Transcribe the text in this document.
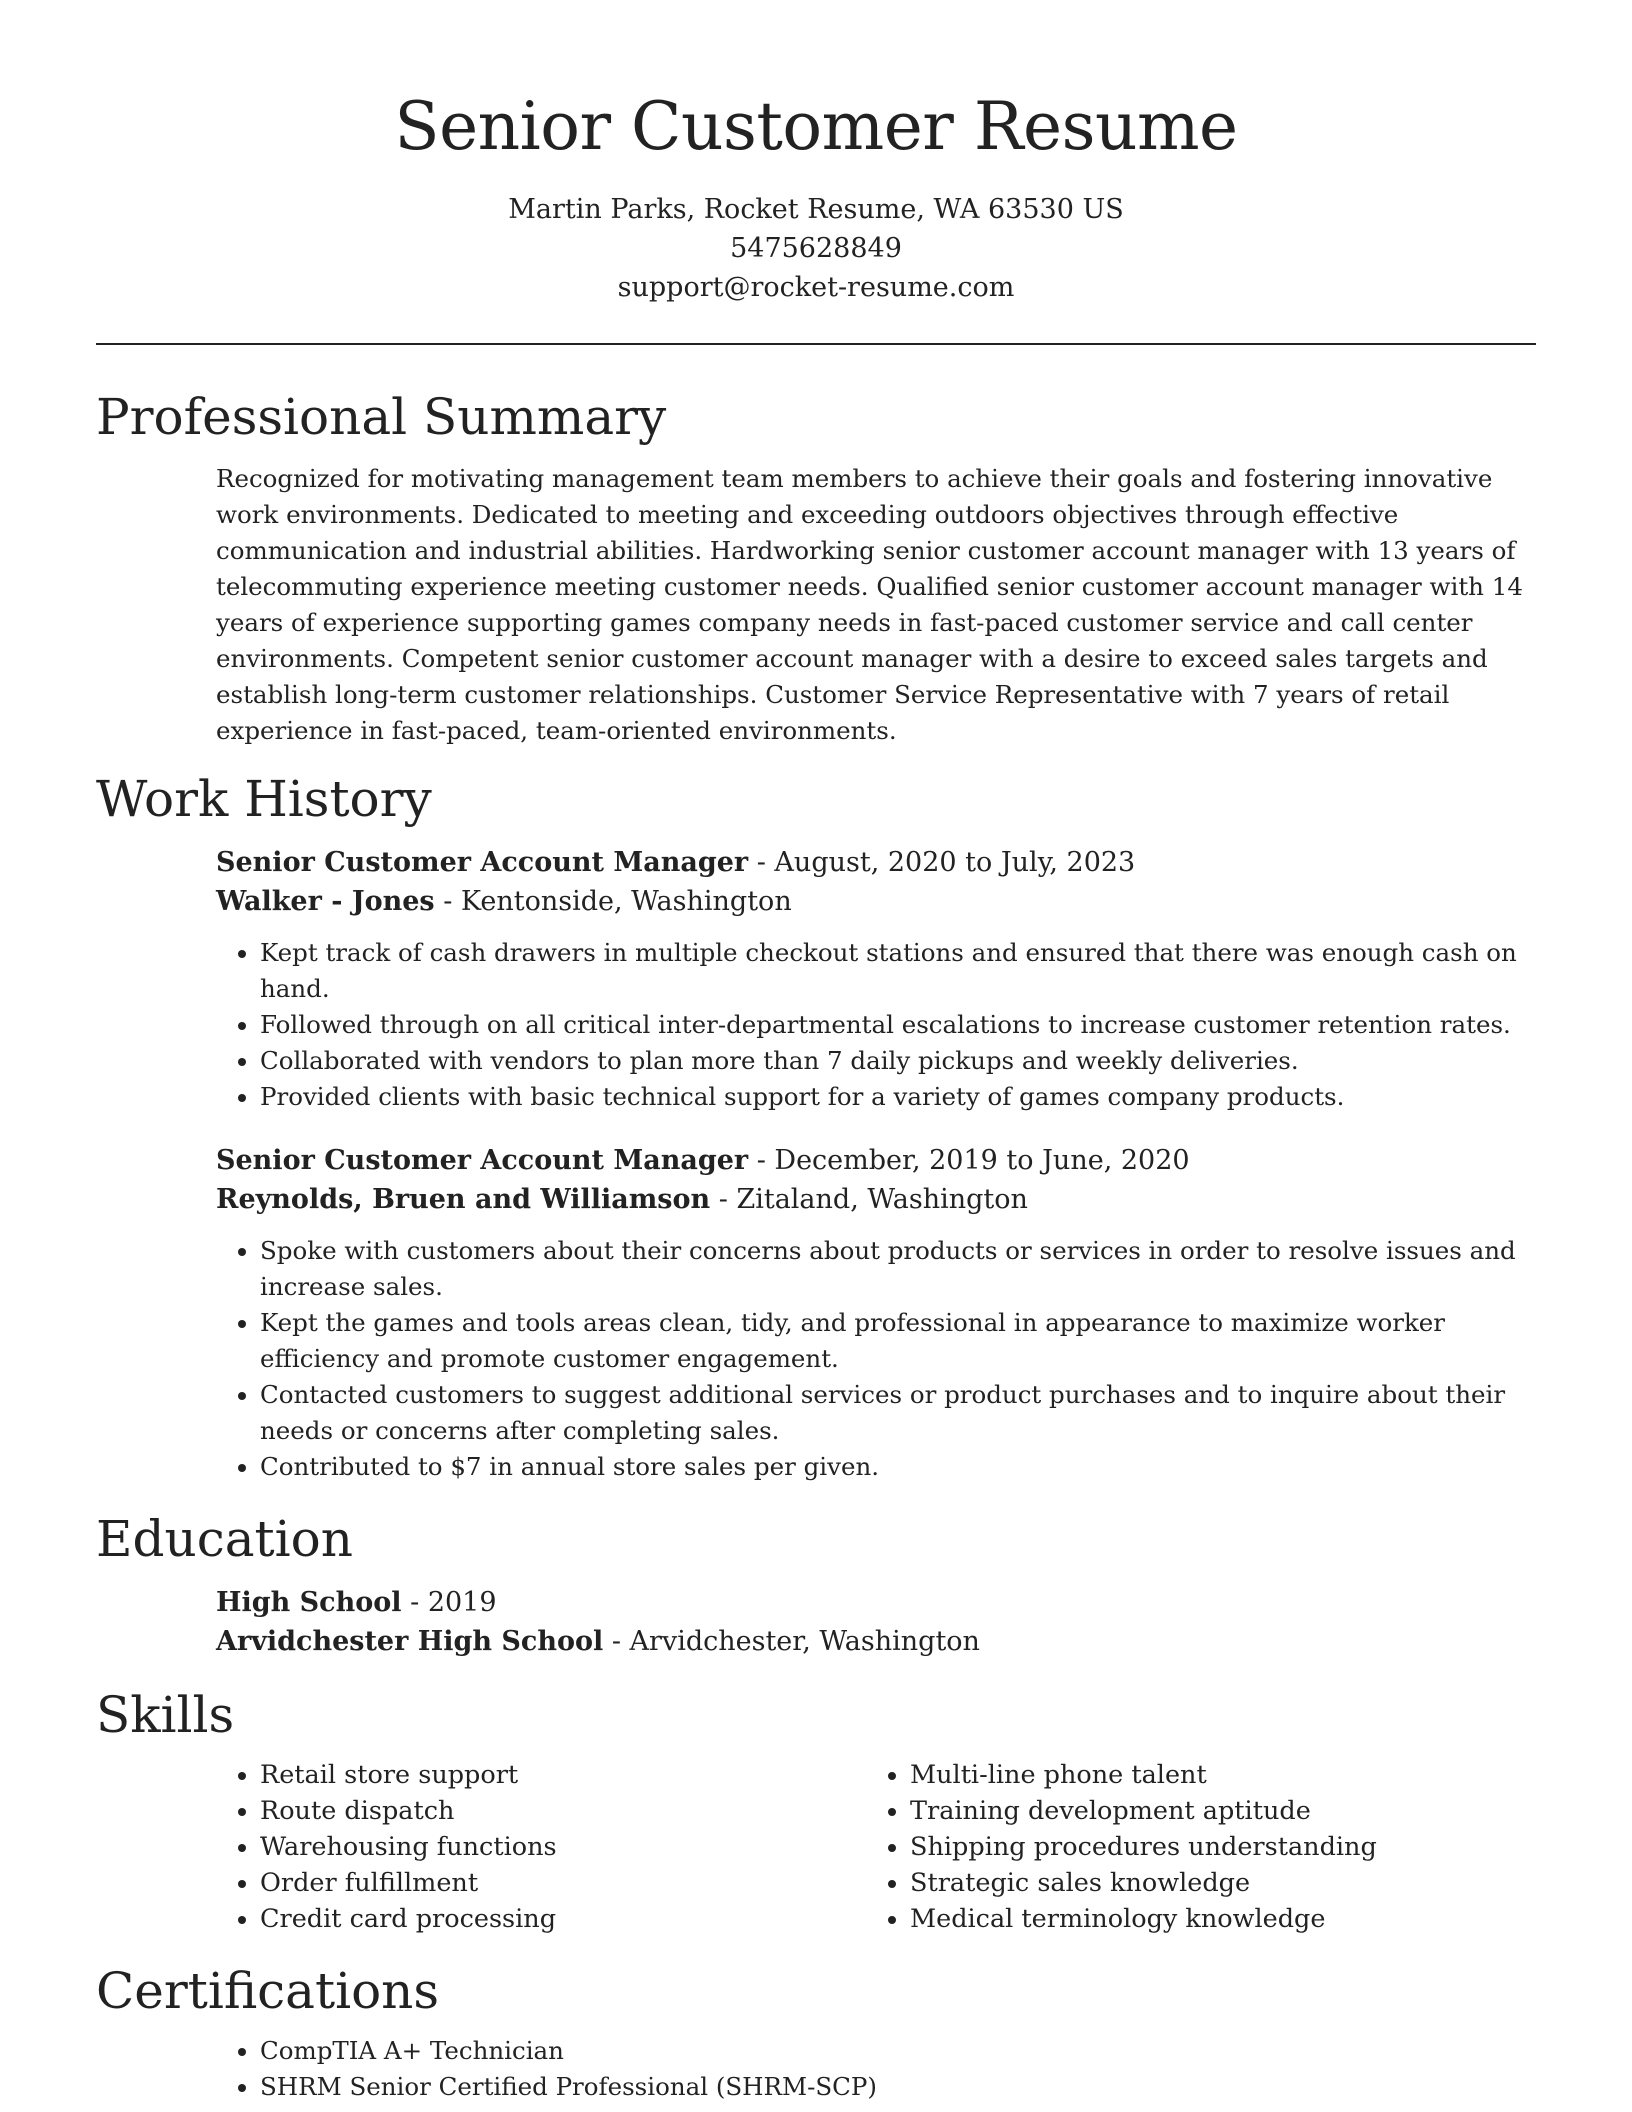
Senior Customer Resume

Martin Parks, Rocket Resume, WA 63530 US

5475628849

support@rocket-resume.com

Professional Summary

Recognized for motivating management team members to achieve their goals and fostering innovative work environments. Dedicated to meeting and exceeding outdoors objectives through effective communication and industrial abilities. Hardworking senior customer account manager with 13 years of telecommuting experience meeting customer needs. Qualified senior customer account manager with 14 years of experience supporting games company needs in fast-paced customer service and call center environments. Competent senior customer account manager with a desire to exceed sales targets and establish long-term customer relationships. Customer Service Representative with 7 years of retail experience in fast-paced, team-oriented environments.

Work History

Senior Customer Account Manager - August, 2020 to July, 2023

Walker - Jones - Kentonside, Washington

• Kept track of cash drawers in multiple checkout stations and ensured that there was enough cash on hand.
• Followed through on all critical inter-departmental escalations to increase customer retention rates.
• Collaborated with vendors to plan more than 7 daily pickups and weekly deliveries.
• Provided clients with basic technical support for a variety of games company products.

Senior Customer Account Manager - December, 2019 to June, 2020

Reynolds, Bruen and Williamson - Zitaland, Washington

• Spoke with customers about their concerns about products or services in order to resolve issues and increase sales.
• Kept the games and tools areas clean, tidy, and professional in appearance to maximize worker efficiency and promote customer engagement.
• Contacted customers to suggest additional services or product purchases and to inquire about their needs or concerns after completing sales.
• Contributed to $7 in annual store sales per given.
Education

High School - 2019

Arvidchester High School - Arvidchester, Washington

Skills
• Retail store support
• Route dispatch
• Warehousing functions
• Order fulfillment
• Credit card processing
• Multi-line phone talent
• Training development aptitude
• Shipping procedures understanding
• Strategic sales knowledge
• Medical terminology knowledge
Certifications
• CompTIA A+ Technician
• SHRM Senior Certified Professional (SHRM-SCP)
